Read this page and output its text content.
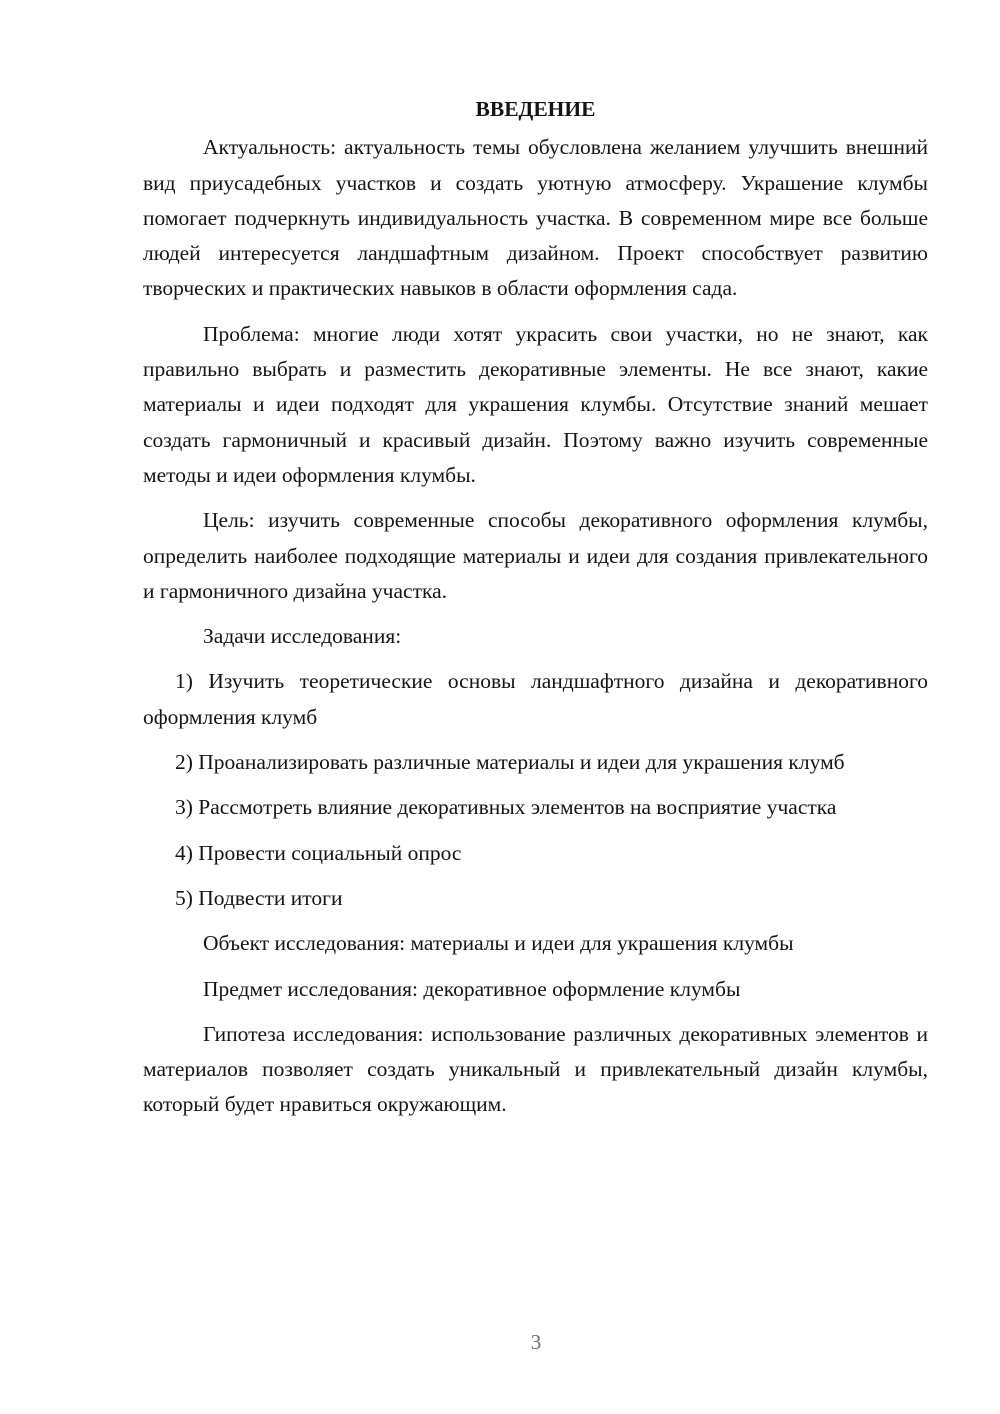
ВВЕДЕНИЕ

Актуальность: актуальность темы обусловлена желанием улучшить внешний вид приусадебных участков и создать уютную атмосферу. Украшение клумбы помогает подчеркнуть индивидуальность участка. В современном мире все больше людей интересуется ландшафтным дизайном. Проект способствует развитию творческих и практических навыков в области оформления сада.

Проблема: многие люди хотят украсить свои участки, но не знают, как правильно выбрать и разместить декоративные элементы. Не все знают, какие материалы и идеи подходят для украшения клумбы. Отсутствие знаний мешает создать гармоничный и красивый дизайн. Поэтому важно изучить современные методы и идеи оформления клумбы.

Цель: изучить современные способы декоративного оформления клумбы, определить наиболее подходящие материалы и идеи для создания привлекательного и гармоничного дизайна участка.

Задачи исследования:

1) Изучить теоретические основы ландшафтного дизайна и декоративного оформления клумб

2) Проанализировать различные материалы и идеи для украшения клумб

3) Рассмотреть влияние декоративных элементов на восприятие участка

4) Провести социальный опрос

5) Подвести итоги

Объект исследования: материалы и идеи для украшения клумбы

Предмет исследования: декоративное оформление клумбы

Гипотеза исследования: использование различных декоративных элементов и материалов позволяет создать уникальный и привлекательный дизайн клумбы, который будет нравиться окружающим.

3
